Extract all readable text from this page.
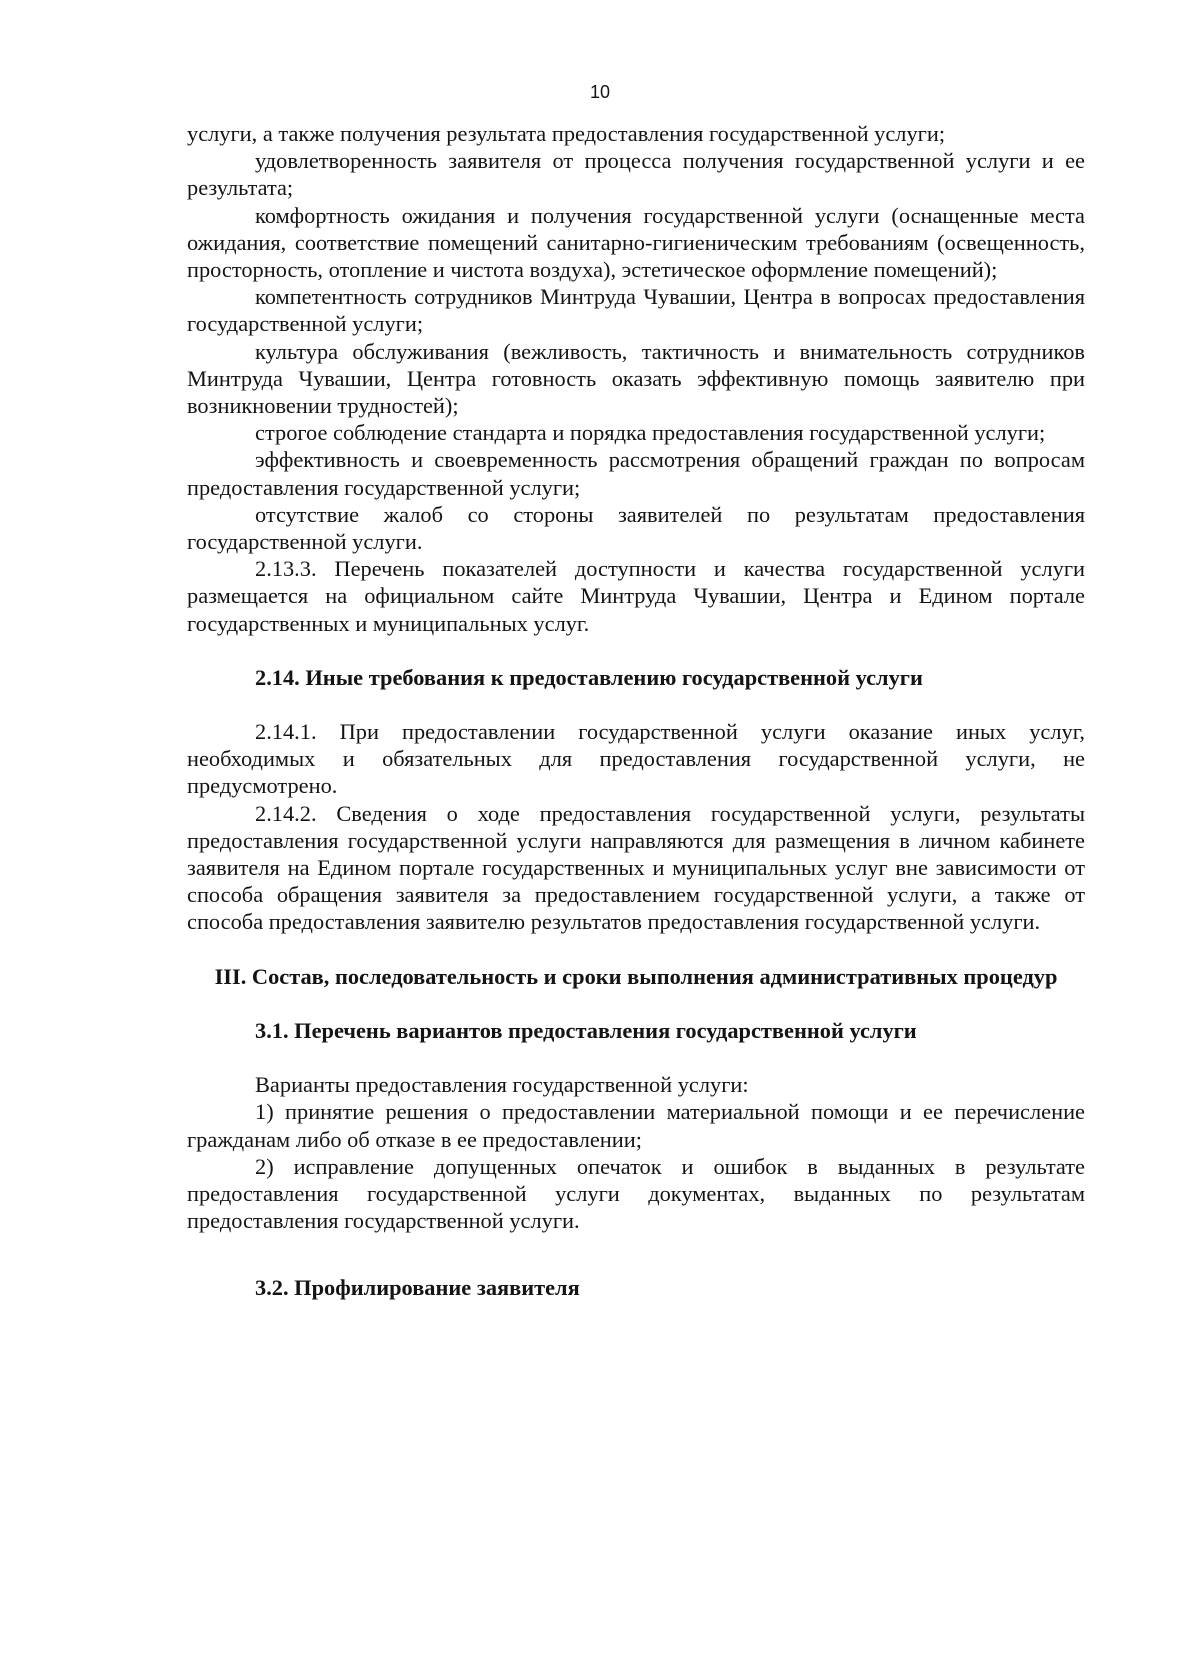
10

услуги, а также получения результата предоставления государственной услуги;

удовлетворенность заявителя от процесса получения государственной услуги и ее результата;

комфортность ожидания и получения государственной услуги (оснащенные места ожидания, соответствие помещений санитарно-гигиеническим требованиям (освещенность, просторность, отопление и чистота воздуха), эстетическое оформление помещений);

компетентность сотрудников Минтруда Чувашии, Центра в вопросах предоставления государственной услуги;

культура обслуживания (вежливость, тактичность и внимательность сотрудников Минтруда Чувашии, Центра готовность оказать эффективную помощь заявителю при возникновении трудностей);

строгое соблюдение стандарта и порядка предоставления государственной услуги;

эффективность и своевременность рассмотрения обращений граждан по вопросам предоставления государственной услуги;

отсутствие жалоб со стороны заявителей по результатам предоставления государственной услуги.

2.13.3. Перечень показателей доступности и качества государственной услуги размещается на официальном сайте Минтруда Чувашии, Центра и Едином портале государственных и муниципальных услуг.

2.14. Иные требования к предоставлению государственной услуги

2.14.1. При предоставлении государственной услуги оказание иных услуг, необходимых и обязательных для предоставления государственной услуги, не предусмотрено.

2.14.2. Сведения о ходе предоставления государственной услуги, результаты предоставления государственной услуги направляются для размещения в личном кабинете заявителя на Едином портале государственных и муниципальных услуг вне зависимости от способа обращения заявителя за предоставлением государственной услуги, а также от способа предоставления заявителю результатов предоставления государственной услуги.

III. Состав, последовательность и сроки выполнения административных процедур
3.1. Перечень вариантов предоставления государственной услуги

Варианты предоставления государственной услуги:

1) принятие решения о предоставлении материальной помощи и ее перечисление гражданам либо об отказе в ее предоставлении;

2) исправление допущенных опечаток и ошибок в выданных в результате предоставления государственной услуги документах, выданных по результатам предоставления государственной услуги.

3.2. Профилирование заявителя
